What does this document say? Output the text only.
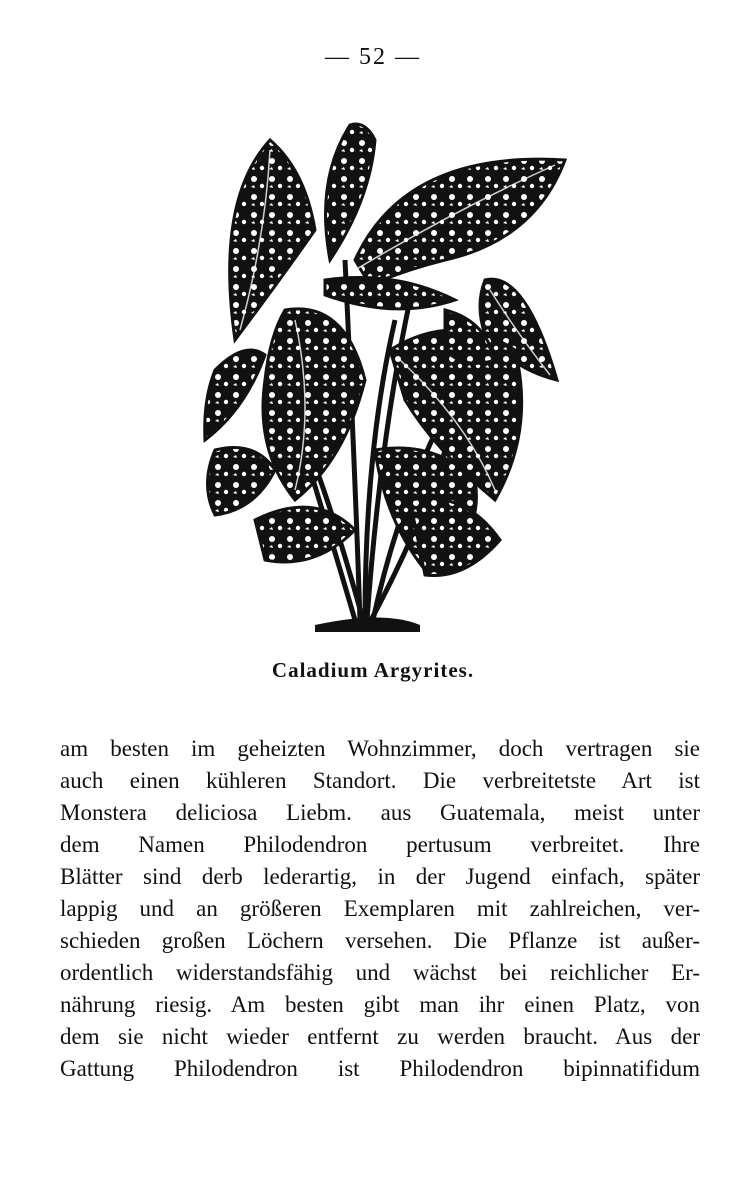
— 52 —
Caladium Argyrites.
am besten im geheizten Wohnzimmer, doch vertragen sie
auch einen kühleren Standort. Die verbreitetste Art ist
Monstera deliciosa Liebm. aus Guatemala, meist unter
dem Namen Philodendron pertusum verbreitet. Ihre
Blätter sind derb lederartig, in der Jugend einfach, später
lappig und an größeren Exemplaren mit zahlreichen, ver-
schieden großen Löchern versehen. Die Pflanze ist außer-
ordentlich widerstandsfähig und wächst bei reichlicher Er-
nährung riesig. Am besten gibt man ihr einen Platz, von
dem sie nicht wieder entfernt zu werden braucht. Aus der
Gattung Philodendron ist Philodendron bipinnatifidum
